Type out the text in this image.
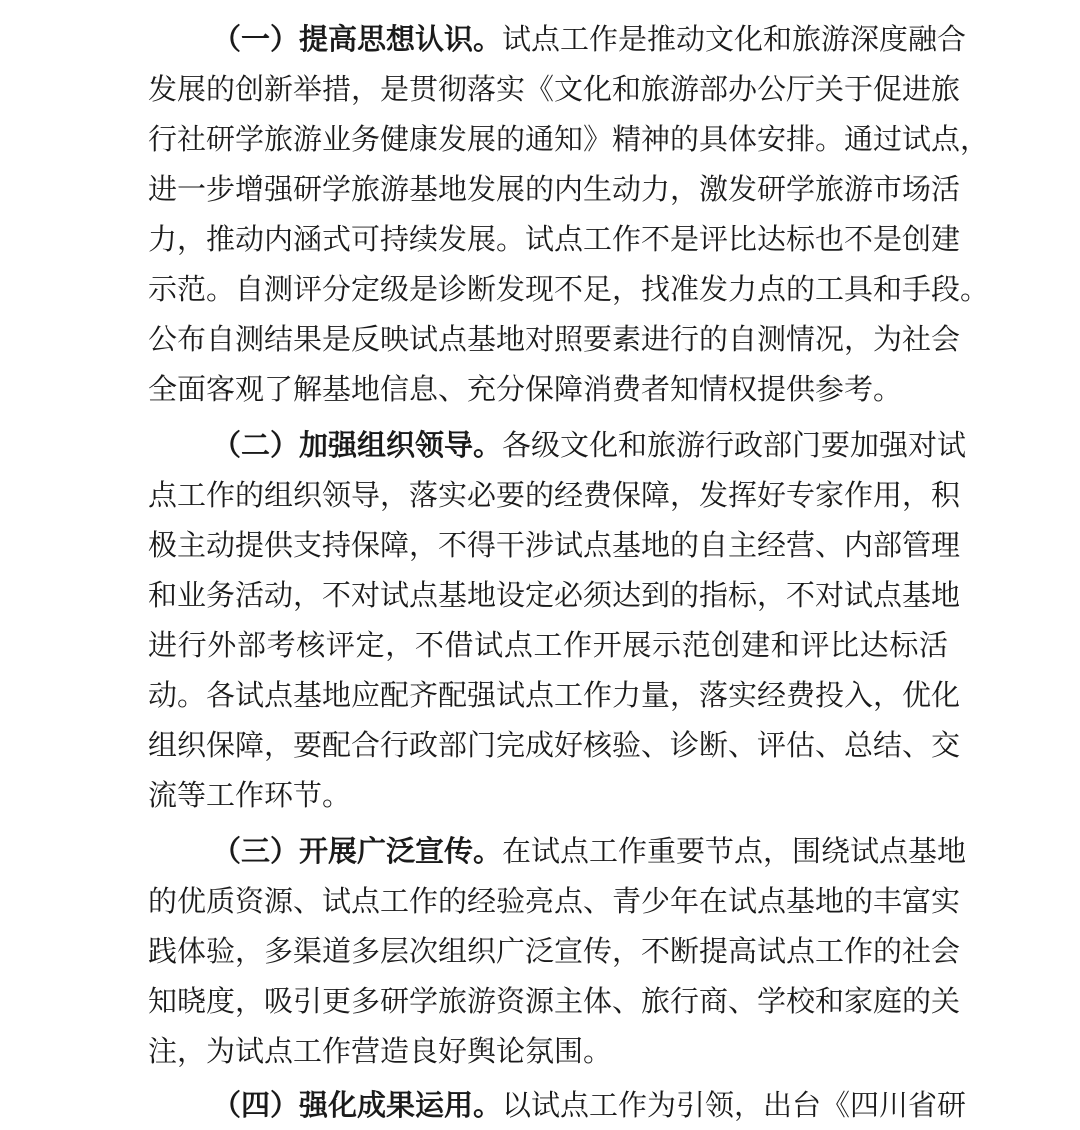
（一）提高思想认识。试点工作是推动文化和旅游深度融合
发展的创新举措，是贯彻落实《文化和旅游部办公厅关于促进旅
行社研学旅游业务健康发展的通知》精神的具体安排。通过试点，
进一步增强研学旅游基地发展的内生动力，激发研学旅游市场活
力，推动内涵式可持续发展。试点工作不是评比达标也不是创建
示范。自测评分定级是诊断发现不足，找准发力点的工具和手段。
公布自测结果是反映试点基地对照要素进行的自测情况，为社会
全面客观了解基地信息、充分保障消费者知情权提供参考。
（二）加强组织领导。各级文化和旅游行政部门要加强对试
点工作的组织领导，落实必要的经费保障，发挥好专家作用，积
极主动提供支持保障，不得干涉试点基地的自主经营、内部管理
和业务活动，不对试点基地设定必须达到的指标，不对试点基地
进行外部考核评定，不借试点工作开展示范创建和评比达标活
动。各试点基地应配齐配强试点工作力量，落实经费投入，优化
组织保障，要配合行政部门完成好核验、诊断、评估、总结、交
流等工作环节。
（三）开展广泛宣传。在试点工作重要节点，围绕试点基地
的优质资源、试点工作的经验亮点、青少年在试点基地的丰富实
践体验，多渠道多层次组织广泛宣传，不断提高试点工作的社会
知晓度，吸引更多研学旅游资源主体、旅行商、学校和家庭的关
注，为试点工作营造良好舆论氛围。
（四）强化成果运用。以试点工作为引领，出台《四川省研
